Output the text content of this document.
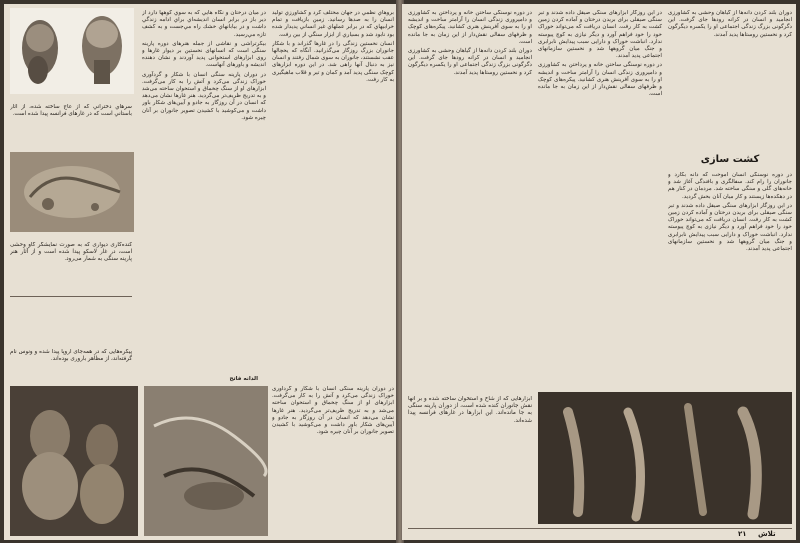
سرهاي دختراني كه از عاج ساخته شده، از آثار باستاني است که در غارهای فرانسه پیدا شده است.
کنده‌کاری دیواری که به صورت نمایشگر گاو وحشی است، در غار لاسکو پیدا شده است و از آثار هنر پارینه سنگی به شمار می‌رود.
پیکره‌هایی که در همه‌جای اروپا پیدا شده و ونوس نام گرفته‌اند، از مظاهر باروری بوده‌اند.
الدانه فاتح

بروهاي نظمي در جهان مختلف كرد و كشاورزي توليد انسان را به صدها رسانيد. زمين بازيافت و تمام خرابيهاي كه در برابر عملهاي غير انساني پديدار شده بود نابود شد و بسياري از ابزار سنگي از بين رفت.

انسان نخستین زندگی را در غارها گذراند و با شکار جانوران بزرگ روزگار می‌گذرانید. آنگاه که یخچالها عقب نشستند، جانوران به سوی شمال رفتند و انسان نیز به دنبال آنها راهی شد. در این دوره ابزارهای کوچک سنگی پدید آمد و کمان و تیر و قلاب ماهیگیری به کار رفت.

در ميان درختان و نگاه هايي كه به سوي كوهها دارد از دير باز در برابر انسان انديشه‌اي براي ادامه زندگي داشت و در بيابانهاي خشك راه مي‌جست و به كشف تازه مي‌رسيد.

بیکرتراشی و نقاشی از جمله هنرهای دوره پارینه سنگی است که انسانهای نخستین بر دیوار غارها و روی ابزارهای استخوانی پدید آوردند و نشان دهنده اندیشه و باورهای آنهاست.

در دوران پارینه سنگی انسان با شکار و گردآوری خوراک زندگی می‌کرد و آتش را به کار می‌گرفت. ابزارهای او از سنگ چخماق و استخوان ساخته می‌شد و به تدریج ظریف‌تر می‌گردید. هنر غارها نشان می‌دهد که انسان در آن روزگار به جادو و آیین‌های شکار باور داشت و می‌کوشید با کشیدن تصویر جانوران بر آنان چیره شود.

در دوران پارینه سنگی انسان با شکار و گردآوری خوراک زندگی می‌کرد و آتش را به کار می‌گرفت. ابزارهای او از سنگ چخماق و استخوان ساخته می‌شد و به تدریج ظریف‌تر می‌گردید. هنر غارها نشان می‌دهد که انسان در آن روزگار به جادو و آیین‌های شکار باور داشت و می‌کوشید با کشیدن تصویر جانوران بر آنان چیره شود.

دوران بلند کردن دانه‌ها از گیاهان وحشی به کشاورزی انجامید و انسان در کرانه رودها جای گرفت. این دگرگونی بزرگ زندگی اجتماعی او را یکسره دیگرگون کرد و نخستین روستاها پدید آمدند.

کشت سازی

در دوره نوسنگی انسان آموخت که دانه بکارد و جانوران را رام کند. سفالگری و بافندگی آغاز شد و خانه‌های گلی و سنگی ساخته شد. مردمان در کنار هم در دهکده‌ها زیستند و کار میان آنان بخش گردید.

در این روزگار ابزارهای سنگی صیقل داده شدند و تبر سنگی صیقلی برای بریدن درختان و آماده کردن زمین کشت به کار رفت. انسان دریافت که می‌تواند خوراک خود را خود فراهم آورد و دیگر نیازی به کوچ پیوسته ندارد. انباشت خوراک و دارایی سبب پیدایش نابرابری و جنگ میان گروهها شد و نخستین سازمانهای اجتماعی پدید آمدند.

در این روزگار ابزارهای سنگی صیقل داده شدند و تبر سنگی صیقلی برای بریدن درختان و آماده کردن زمین کشت به کار رفت. انسان دریافت که می‌تواند خوراک خود را خود فراهم آورد و دیگر نیازی به کوچ پیوسته ندارد. انباشت خوراک و دارایی سبب پیدایش نابرابری و جنگ میان گروهها شد و نخستین سازمانهای اجتماعی پدید آمدند.

در دوره نوسنگی ساختن خانه و پرداختن به کشاورزی و دامپروری زندگی انسان را آرامتر ساخت و اندیشه او را به سوی آفرینش هنری کشانید. پیکره‌های کوچک و ظرفهای سفالی نقش‌دار از این زمان به جا مانده است.

در دوره نوسنگی ساختن خانه و پرداختن به کشاورزی و دامپروری زندگی انسان را آرامتر ساخت و اندیشه او را به سوی آفرینش هنری کشانید. پیکره‌های کوچک و ظرفهای سفالی نقش‌دار از این زمان به جا مانده است.

دوران بلند کردن دانه‌ها از گیاهان وحشی به کشاورزی انجامید و انسان در کرانه رودها جای گرفت. این دگرگونی بزرگ زندگی اجتماعی او را یکسره دیگرگون کرد و نخستین روستاها پدید آمدند.

ابزارهایی که از شاخ و استخوان ساخته شده و بر آنها نقش جانوران کنده شده است، از دوران پارینه سنگی به جا مانده‌اند. این ابزارها در غارهای فرانسه پیدا شده‌اند.
تلاش
۲۱
